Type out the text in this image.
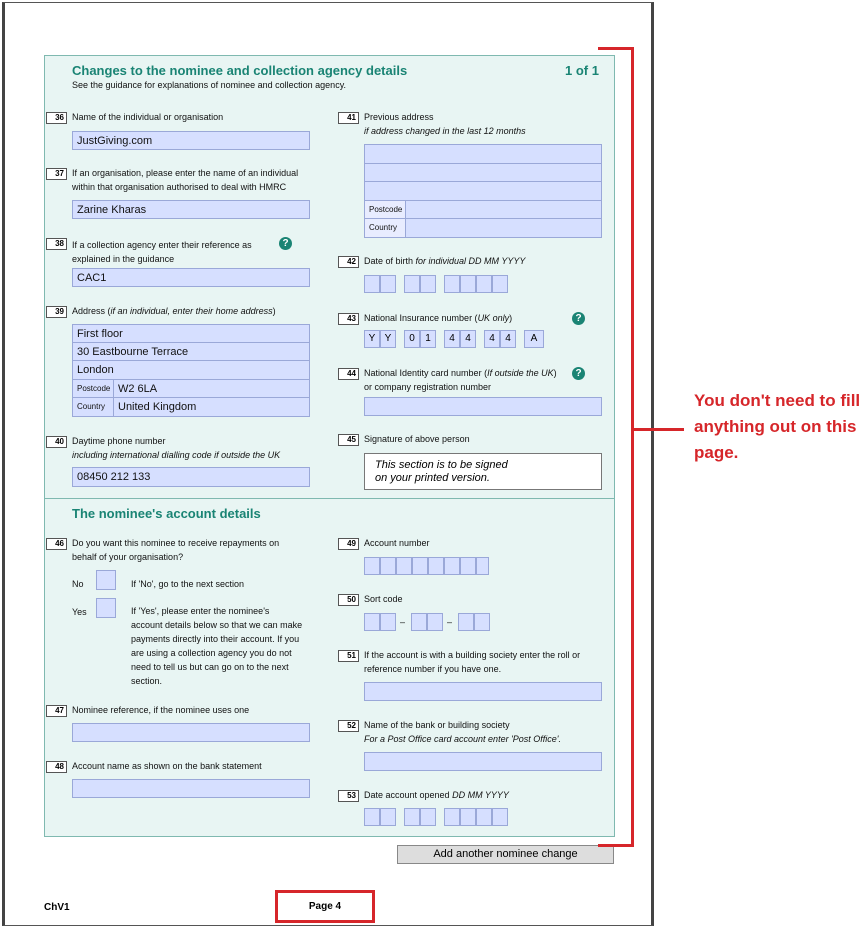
Changes to the nominee and collection agency details	1 of 1
See the guidance for explanations of nominee and collection agency.
36 Name of the individual or organisation
JustGiving.com
37 If an organisation, please enter the name of an individual
within that organisation authorised to deal with HMRC
Zarine Kharas
38 If a collection agency enter their reference as
explained in the guidance
?
CAC1
39 Address (if an individual, enter their home address)
First floor
30 Eastbourne Terrace
London
Postcode W2 6LA
Country	United Kingdom
40 Daytime phone number
including international dialling code if outside the UK
08450 212 133
41 Previous address
if address changed in the last 12 months
Postcode
Country
42 Date of birth for individual DD MM YYYY
43 National Insurance number (UK only)	?
Y Y	0	1	4	4	4	4	A
44 National Identity card number (If outside the UK)	?
or company registration number
45 Signature of above person
This section is to be signed
on your printed version.
The nominee's account details
46 Do you want this nominee to receive repayments on
behalf of your organisation?
No	If 'No', go to the next section
Yes	If 'Yes', please enter the nominee's
account details below so that we can make
payments directly into their account. If you
are using a collection agency you do not
need to tell us but can go on to the next
section.
47 Nominee reference, if the nominee uses one
48 Account name as shown on the bank statement
49 Account number
50 Sort code
–	–
51 If the account is with a building society enter the roll or
reference number if you have one.
52 Name of the bank or building society
For a Post Office card account enter 'Post Office'.
53 Date account opened DD MM YYYY
Add another nominee change
ChV1	Page 4
You don't need to fill anything out on this page.
